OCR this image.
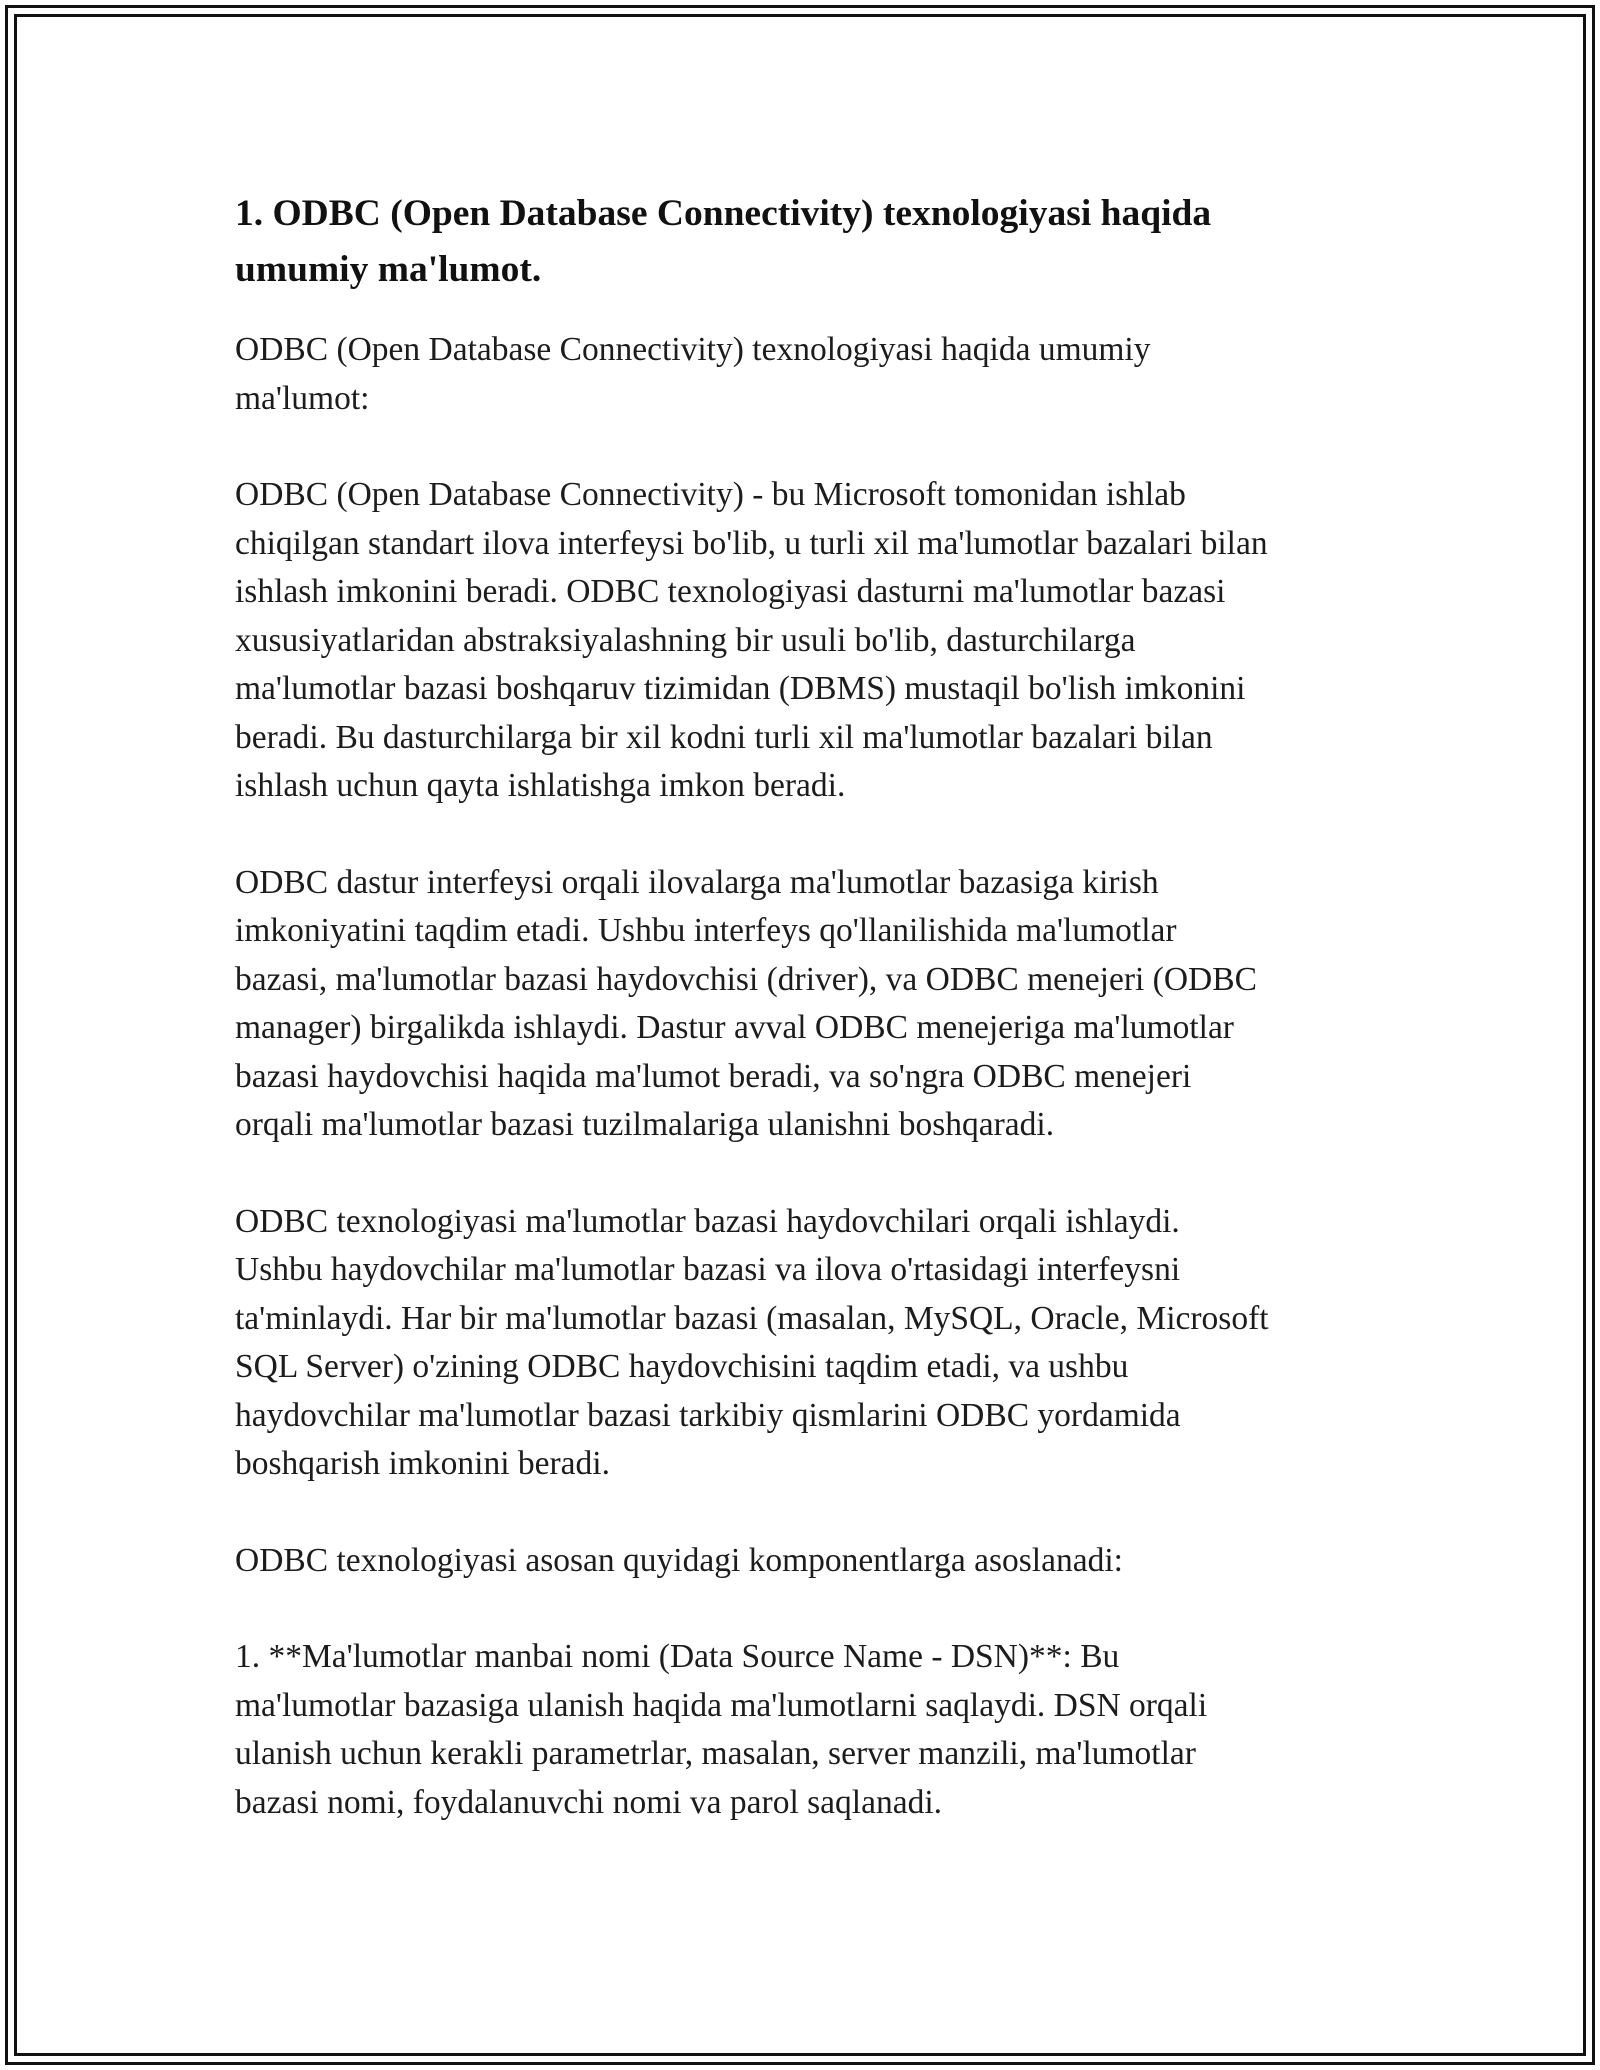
1. ODBC (Open Database Connectivity) texnologiyasi haqida
umumiy ma'lumot.

ODBC (Open Database Connectivity) texnologiyasi haqida umumiy
ma'lumot:

ODBC (Open Database Connectivity) - bu Microsoft tomonidan ishlab
chiqilgan standart ilova interfeysi bo'lib, u turli xil ma'lumotlar bazalari bilan
ishlash imkonini beradi. ODBC texnologiyasi dasturni ma'lumotlar bazasi
xususiyatlaridan abstraksiyalashning bir usuli bo'lib, dasturchilarga
ma'lumotlar bazasi boshqaruv tizimidan (DBMS) mustaqil bo'lish imkonini
beradi. Bu dasturchilarga bir xil kodni turli xil ma'lumotlar bazalari bilan
ishlash uchun qayta ishlatishga imkon beradi.

ODBC dastur interfeysi orqali ilovalarga ma'lumotlar bazasiga kirish
imkoniyatini taqdim etadi. Ushbu interfeys qo'llanilishida ma'lumotlar
bazasi, ma'lumotlar bazasi haydovchisi (driver), va ODBC menejeri (ODBC
manager) birgalikda ishlaydi. Dastur avval ODBC menejeriga ma'lumotlar
bazasi haydovchisi haqida ma'lumot beradi, va so'ngra ODBC menejeri
orqali ma'lumotlar bazasi tuzilmalariga ulanishni boshqaradi.

ODBC texnologiyasi ma'lumotlar bazasi haydovchilari orqali ishlaydi.
Ushbu haydovchilar ma'lumotlar bazasi va ilova o'rtasidagi interfeysni
ta'minlaydi. Har bir ma'lumotlar bazasi (masalan, MySQL, Oracle, Microsoft
SQL Server) o'zining ODBC haydovchisini taqdim etadi, va ushbu
haydovchilar ma'lumotlar bazasi tarkibiy qismlarini ODBC yordamida
boshqarish imkonini beradi.

ODBC texnologiyasi asosan quyidagi komponentlarga asoslanadi:

1. **Ma'lumotlar manbai nomi (Data Source Name - DSN)**: Bu
ma'lumotlar bazasiga ulanish haqida ma'lumotlarni saqlaydi. DSN orqali
ulanish uchun kerakli parametrlar, masalan, server manzili, ma'lumotlar
bazasi nomi, foydalanuvchi nomi va parol saqlanadi.
